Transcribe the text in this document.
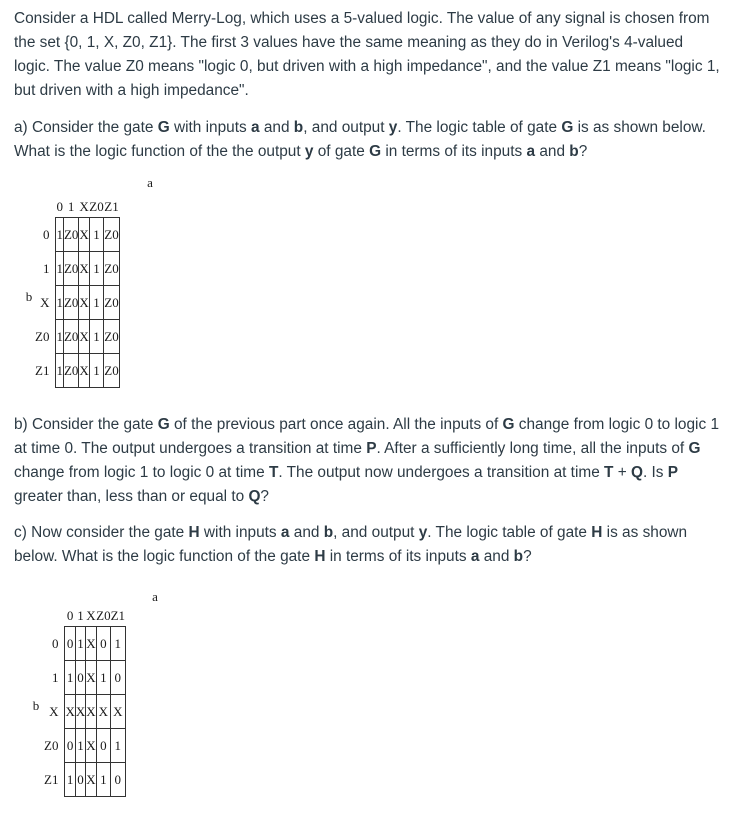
Consider a HDL called Merry-Log, which uses a 5-valued logic. The value of any signal is chosen from the set {0, 1, X, Z0, Z1}. The first 3 values have the same meaning as they do in Verilog's 4-valued logic. The value Z0 means "logic 0, but driven with a high impedance", and the value Z1 means "logic 1, but driven with a high impedance".

a) Consider the gate G with inputs a and b, and output y. The logic table of gate G is as shown below. What is the logic function of the the output y of gate G in terms of its inputs a and b?

a
b
	0	1	X	Z0	Z1
0	1	Z0	X	1	Z0
1	1	Z0	X	1	Z0
X	1	Z0	X	1	Z0
Z0	1	Z0	X	1	Z0
Z1	1	Z0	X	1	Z0

b) Consider the gate G of the previous part once again. All the inputs of G change from logic 0 to logic 1 at time 0. The output undergoes a transition at time P. After a sufficiently long time, all the inputs of G change from logic 1 to logic 0 at time T. The output now undergoes a transition at time T + Q. Is P greater than, less than or equal to Q?

c) Now consider the gate H with inputs a and b, and output y. The logic table of gate H is as shown below. What is the logic function of the gate H in terms of its inputs a and b?

a
b
	0	1	X	Z0	Z1
0	0	1	X	0	1
1	1	0	X	1	0
X	X	X	X	X	X
Z0	0	1	X	0	1
Z1	1	0	X	1	0
